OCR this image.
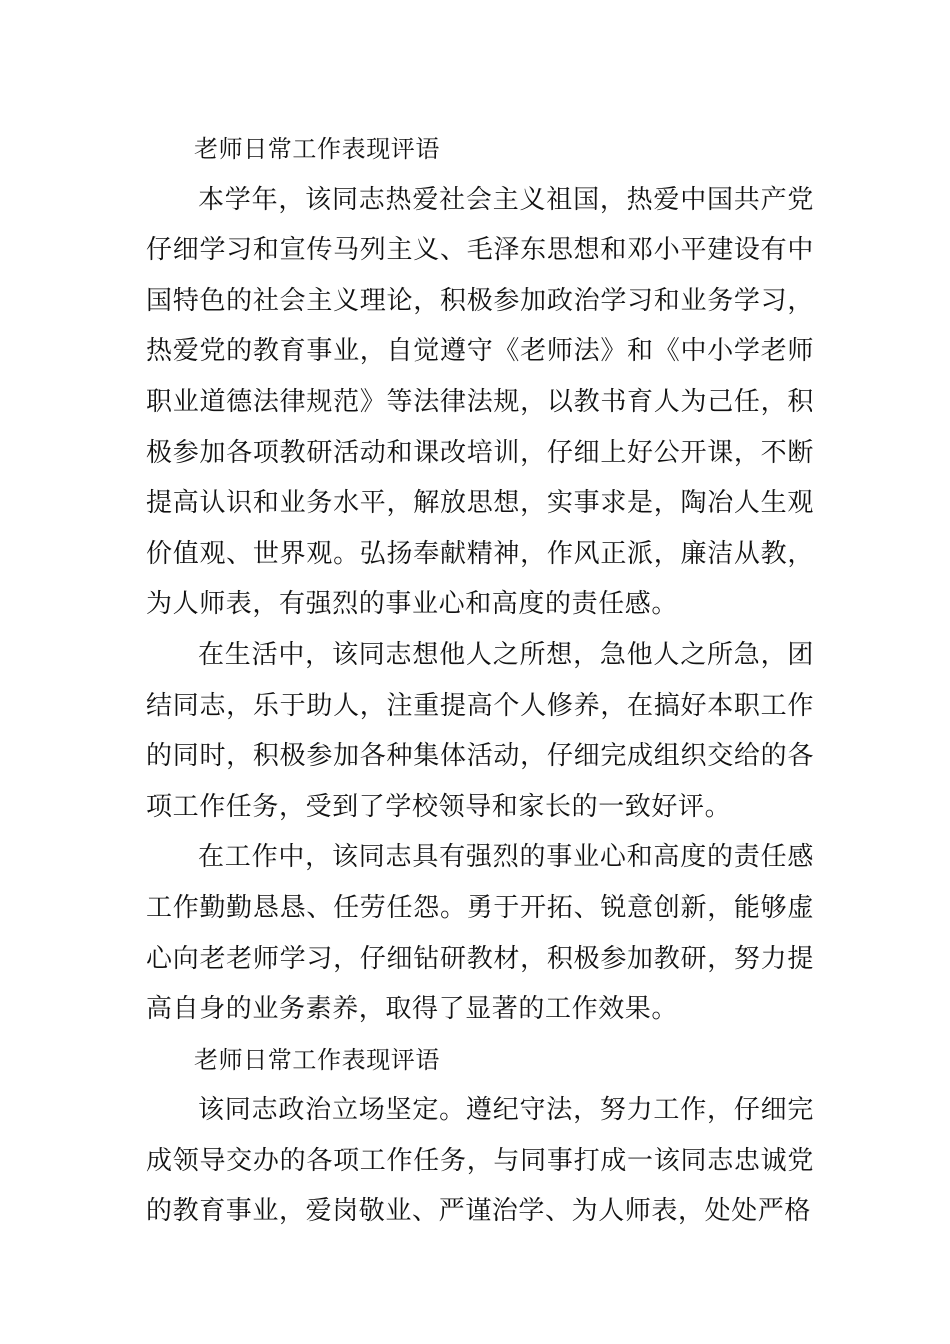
老师日常工作表现评语

本学年，该同志热爱社会主义祖国，热爱中国共产党仔细学习和宣传马列主义、毛泽东思想和邓小平建设有中国特色的社会主义理论，积极参加政治学习和业务学习，热爱党的教育事业，自觉遵守《老师法》和《中小学老师职业道德法律规范》等法律法规，以教书育人为己任，积极参加各项教研活动和课改培训，仔细上好公开课，不断提高认识和业务水平，解放思想，实事求是，陶冶人生观价值观、世界观。弘扬奉献精神，作风正派，廉洁从教，为人师表，有强烈的事业心和高度的责任感。

在生活中，该同志想他人之所想，急他人之所急，团结同志，乐于助人，注重提高个人修养，在搞好本职工作的同时，积极参加各种集体活动，仔细完成组织交给的各项工作任务，受到了学校领导和家长的一致好评。

在工作中，该同志具有强烈的事业心和高度的责任感工作勤勤恳恳、任劳任怨。勇于开拓、锐意创新，能够虚心向老老师学习，仔细钻研教材，积极参加教研，努力提高自身的业务素养，取得了显著的工作效果。

老师日常工作表现评语

该同志政治立场坚定。遵纪守法，努力工作，仔细完成领导交办的各项工作任务，与同事打成一该同志忠诚党的教育事业，爱岗敬业、严谨治学、为人师表，处处严格
